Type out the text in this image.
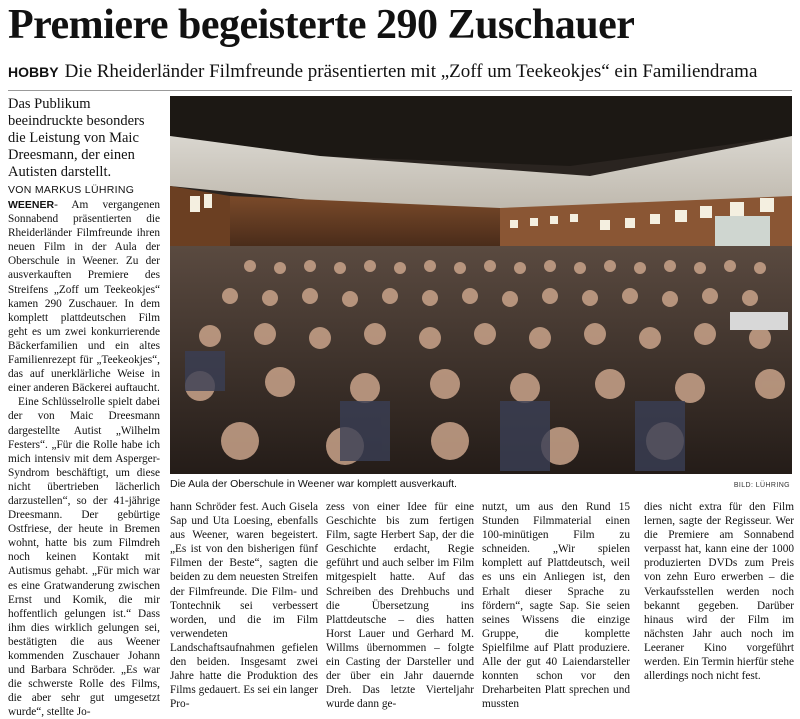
Premiere begeisterte 290 Zuschauer
HOBBY Die Rheiderländer Filmfreunde präsentierten mit „Zoff um Teekeokjes“ ein Familiendrama
Das Publikum beeindruckte besonders die Leistung von Maic Dreesmann, der einen Autisten darstellt.
VON MARKUS LÜHRING

WEENER- Am vergangenen Sonnabend präsentierten die Rheiderländer Filmfreunde ihren neuen Film in der Aula der Oberschule in Weener. Zu der ausverkauften Premiere des Streifens „Zoff um Teekeokjes“ kamen 290 Zuschauer. In dem komplett plattdeutschen Film geht es um zwei konkurrierende Bäckerfamilien und ein altes Familienrezept für „Teekeokjes“, das auf unerklärliche Weise in einer anderen Bäckerei auftaucht.

Eine Schlüsselrolle spielt dabei der von Maic Dreesmann dargestellte Autist „Wilhelm Festers“. „Für die Rolle habe ich mich intensiv mit dem Asperger-Syndrom beschäftigt, um diese nicht übertrieben lächerlich darzustellen“, so der 41-jährige Dreesmann. Der gebürtige Ostfriese, der heute in Bremen wohnt, hatte bis zum Filmdreh noch keinen Kontakt mit Autismus gehabt. „Für mich war es eine Gratwanderung zwischen Ernst und Komik, die mir hoffentlich gelungen ist.“ Dass ihm dies wirklich gelungen sei, bestätigten die aus Weener kommenden Zuschauer Johann und Barbara Schröder. „Es war die schwerste Rolle des Films, die aber sehr gut umgesetzt wurde“, stellte Jo-

Die Aula der Oberschule in Weener war komplett ausverkauft.	BILD: LÜHRING

hann Schröder fest. Auch Gisela Sap und Uta Loesing, ebenfalls aus Weener, waren begeistert. „Es ist von den bisherigen fünf Filmen der Beste“, sagten die beiden zu dem neuesten Streifen der Filmfreunde. Die Film- und Tontechnik sei verbessert worden, und die im Film verwendeten Landschaftsaufnahmen gefielen den beiden. Insgesamt zwei Jahre hatte die Produktion des Films gedauert. Es sei ein langer Pro-

zess von einer Idee für eine Geschichte bis zum fertigen Film, sagte Herbert Sap, der die Geschichte erdacht, Regie geführt und auch selber im Film mitgespielt hatte. Auf das Schreiben des Drehbuchs und die Übersetzung ins Plattdeutsche – dies hatten Horst Lauer und Gerhard M. Willms übernommen – folgte ein Casting der Darsteller und der über ein Jahr dauernde Dreh. Das letzte Vierteljahr wurde dann ge-

nutzt, um aus den Rund 15 Stunden Filmmaterial einen 100-minütigen Film zu schneiden. „Wir spielen komplett auf Plattdeutsch, weil es uns ein Anliegen ist, den Erhalt dieser Sprache zu fördern“, sagte Sap. Sie seien seines Wissens die einzige Gruppe, die komplette Spielfilme auf Platt produziere. Alle der gut 40 Laiendarsteller konnten schon vor den Dreharbeiten Platt sprechen und mussten

dies nicht extra für den Film lernen, sagte der Regisseur. Wer die Premiere am Sonnabend verpasst hat, kann eine der 1000 produzierten DVDs zum Preis von zehn Euro erwerben – die Verkaufsstellen werden noch bekannt gegeben. Darüber hinaus wird der Film im nächsten Jahr auch noch im Leeraner Kino vorgeführt werden. Ein Termin hierfür stehe allerdings noch nicht fest.
